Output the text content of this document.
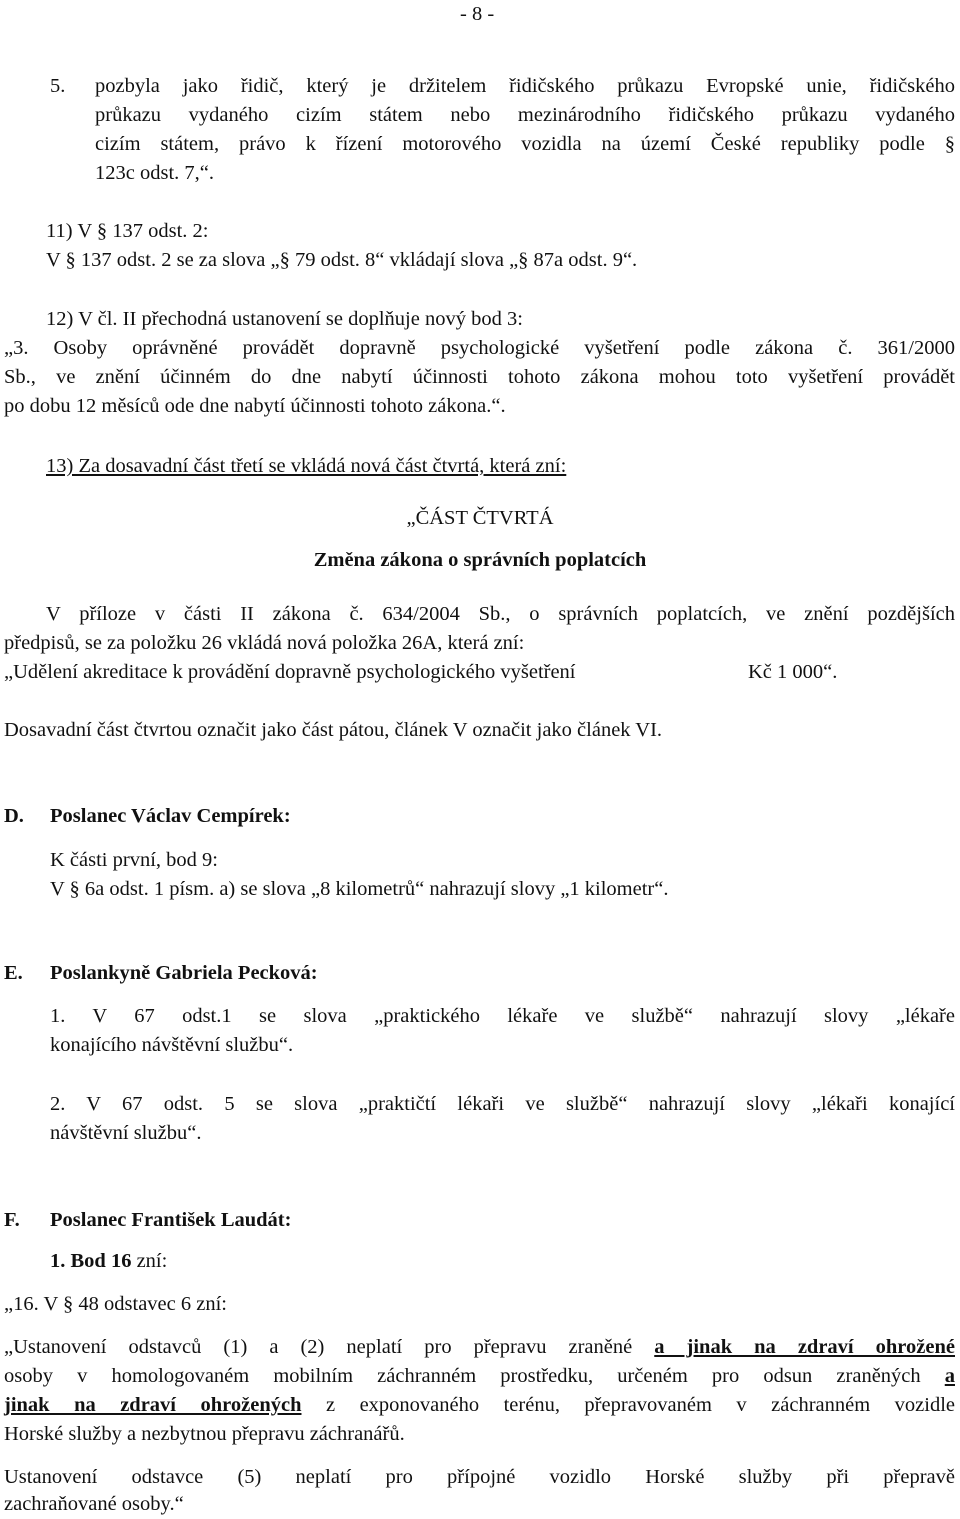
- 8 -
5. pozbyla jako řidič, který je držitelem řidičského průkazu Evropské unie, řidičského
průkazu vydaného cizím státem nebo mezinárodního řidičského průkazu vydaného
cizím státem, právo k řízení motorového vozidla na území České republiky podle §
123c odst. 7,“.
11) V § 137 odst. 2:
V § 137 odst. 2 se za slova „§ 79 odst. 8“ vkládají slova „§ 87a odst. 9“.
12) V čl. II přechodná ustanovení se doplňuje nový bod 3:
„3. Osoby oprávněné provádět dopravně psychologické vyšetření podle zákona č. 361/2000
Sb., ve znění účinném do dne nabytí účinnosti tohoto zákona mohou toto vyšetření provádět
po dobu 12 měsíců ode dne nabytí účinnosti tohoto zákona.“.
13) Za dosavadní část třetí se vkládá nová část čtvrtá, která zní:
„ČÁST ČTVRTÁ
Změna zákona o správních poplatcích
V příloze v části II zákona č. 634/2004 Sb., o správních poplatcích, ve znění pozdějších
předpisů, se za položku 26 vkládá nová položka 26A, která zní:
„Udělení akreditace k provádění dopravně psychologického vyšetření	Kč 1 000“.
Dosavadní část čtvrtou označit jako část pátou, článek V označit jako článek VI.
D. Poslanec Václav Cempírek:
K části první, bod 9:
V § 6a odst. 1 písm. a) se slova „8 kilometrů“ nahrazují slovy „1 kilometr“.
E. Poslankyně Gabriela Pecková:
1. V 67 odst.1 se slova „praktického lékaře ve službě“ nahrazují slovy „lékaře
konajícího návštěvní službu“.
2. V 67 odst. 5 se slova „praktičtí lékaři ve službě“ nahrazují slovy „lékaři konající
návštěvní službu“.
F. Poslanec František Laudát:
1. Bod 16 zní:
„16. V § 48 odstavec 6 zní:
„Ustanovení odstavců (1) a (2) neplatí pro přepravu zraněné a jinak na zdraví ohrožené
osoby v homologovaném mobilním záchranném prostředku, určeném pro odsun zraněných a
jinak na zdraví ohrožených z exponovaného terénu, přepravovaném v záchranném vozidle
Horské služby a nezbytnou přepravu záchranářů.
Ustanovení odstavce (5) neplatí pro přípojné vozidlo Horské služby při přepravě
zachraňované osoby.“
